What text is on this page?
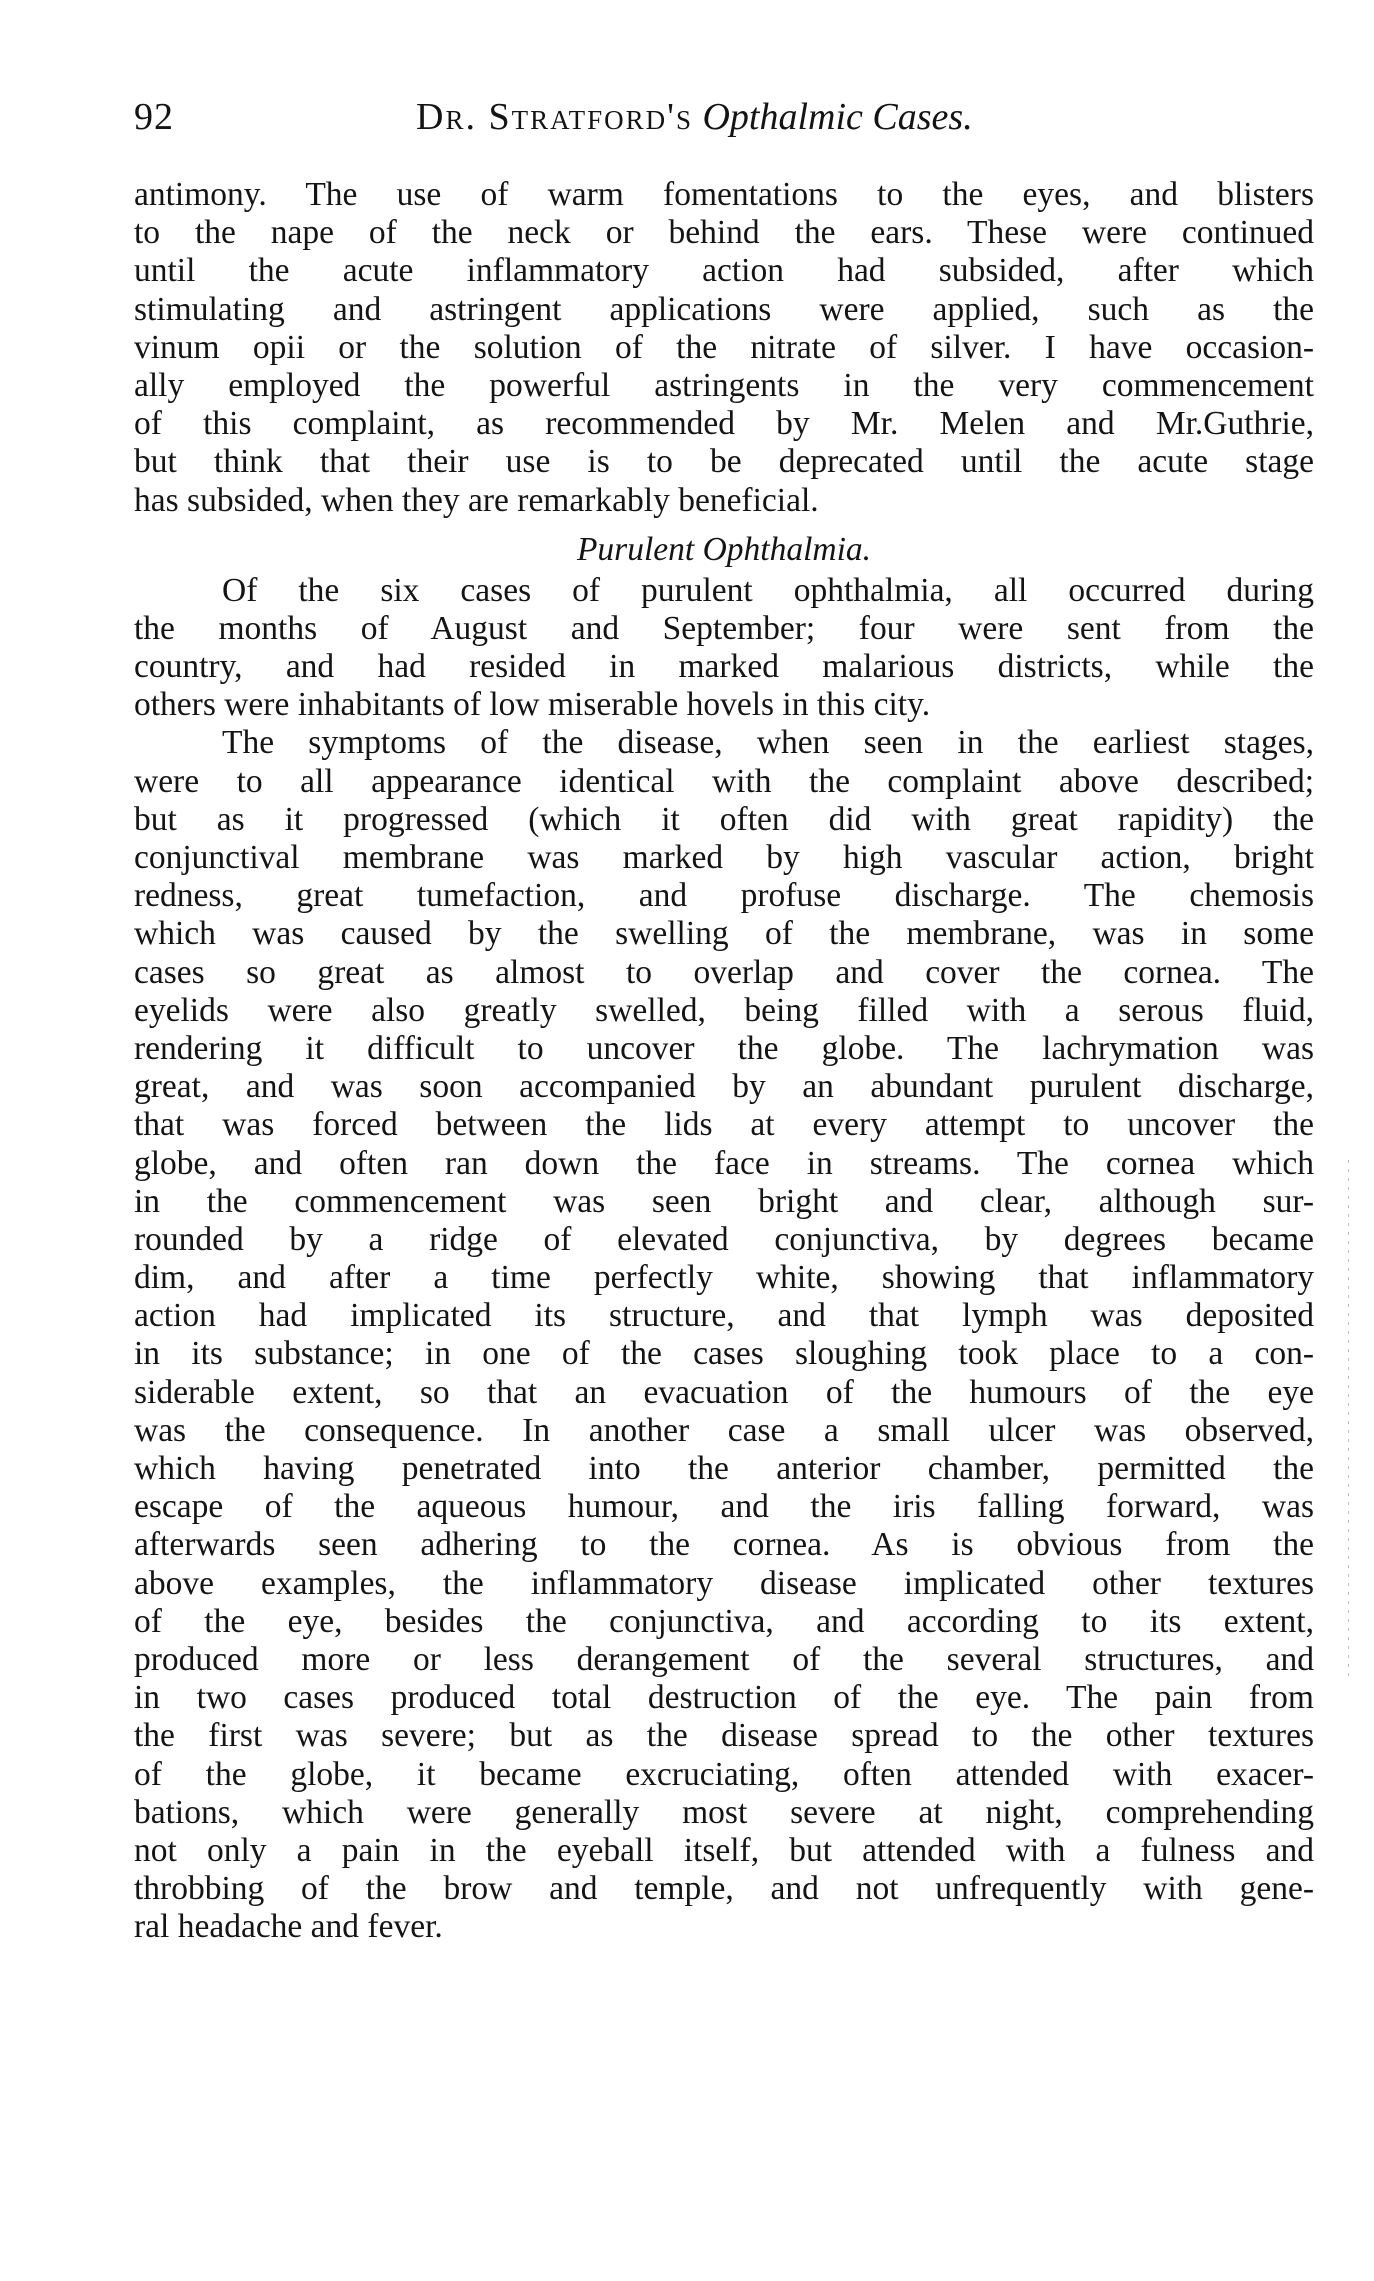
92	Dr. Stratford's Opthalmic Cases.
antimony. The use of warm fomentations to the eyes, and blisters
to the nape of the neck or behind the ears. These were continued
until the acute inflammatory action had subsided, after which
stimulating and astringent applications were applied, such as the
vinum opii or the solution of the nitrate of silver. I have occasion-
ally employed the powerful astringents in the very commencement
of this complaint, as recommended by Mr. Melen and Mr.Guthrie,
but think that their use is to be deprecated until the acute stage
has subsided, when they are remarkably beneficial.
Purulent Ophthalmia.
Of the six cases of purulent ophthalmia, all occurred during
the months of August and September; four were sent from the
country, and had resided in marked malarious districts, while the
others were inhabitants of low miserable hovels in this city.
The symptoms of the disease, when seen in the earliest stages,
were to all appearance identical with the complaint above described;
but as it progressed (which it often did with great rapidity) the
conjunctival membrane was marked by high vascular action, bright
redness, great tumefaction, and profuse discharge. The chemosis
which was caused by the swelling of the membrane, was in some
cases so great as almost to overlap and cover the cornea. The
eyelids were also greatly swelled, being filled with a serous fluid,
rendering it difficult to uncover the globe. The lachrymation was
great, and was soon accompanied by an abundant purulent discharge,
that was forced between the lids at every attempt to uncover the
globe, and often ran down the face in streams. The cornea which
in the commencement was seen bright and clear, although sur-
rounded by a ridge of elevated conjunctiva, by degrees became
dim, and after a time perfectly white, showing that inflammatory
action had implicated its structure, and that lymph was deposited
in its substance; in one of the cases sloughing took place to a con-
siderable extent, so that an evacuation of the humours of the eye
was the consequence. In another case a small ulcer was observed,
which having penetrated into the anterior chamber, permitted the
escape of the aqueous humour, and the iris falling forward, was
afterwards seen adhering to the cornea. As is obvious from the
above examples, the inflammatory disease implicated other textures
of the eye, besides the conjunctiva, and according to its extent,
produced more or less derangement of the several structures, and
in two cases produced total destruction of the eye. The pain from
the first was severe; but as the disease spread to the other textures
of the globe, it became excruciating, often attended with exacer-
bations, which were generally most severe at night, comprehending
not only a pain in the eyeball itself, but attended with a fulness and
throbbing of the brow and temple, and not unfrequently with gene-
ral headache and fever.
